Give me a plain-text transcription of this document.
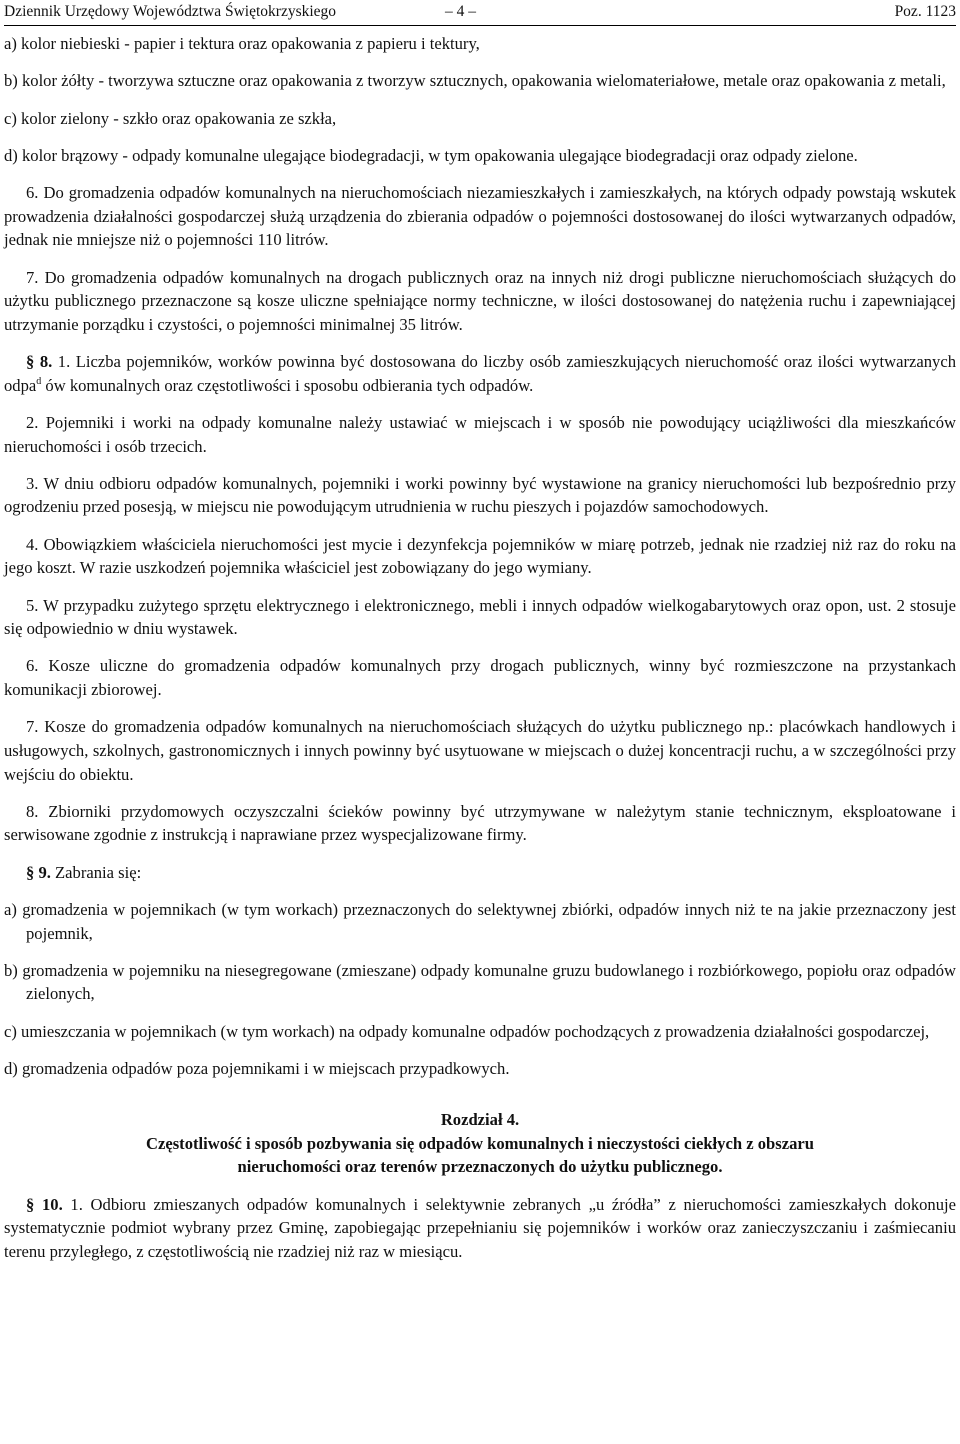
Dziennik Urzędowy Województwa Świętokrzyskiego	– 4 –	Poz. 1123

a) kolor niebieski - papier i tektura oraz opakowania z papieru i tektury,

b) kolor żółty - tworzywa sztuczne oraz opakowania z tworzyw sztucznych, opakowania wielomateriałowe, metale oraz opakowania z metali,

c) kolor zielony - szkło oraz opakowania ze szkła,

d) kolor brązowy - odpady komunalne ulegające biodegradacji, w tym opakowania ulegające biodegradacji oraz odpady zielone.

6. Do gromadzenia odpadów komunalnych na nieruchomościach niezamieszkałych i zamieszkałych, na których odpady powstają wskutek prowadzenia działalności gospodarczej służą urządzenia do zbierania odpadów o pojemności dostosowanej do ilości wytwarzanych odpadów, jednak nie mniejsze niż o pojemności 110 litrów.

7. Do gromadzenia odpadów komunalnych na drogach publicznych oraz na innych niż drogi publiczne nieruchomościach służących do użytku publicznego przeznaczone są kosze uliczne spełniające normy techniczne, w ilości dostosowanej do natężenia ruchu i zapewniającej utrzymanie porządku i czystości, o pojemności minimalnej 35 litrów.

§ 8. 1. Liczba pojemników, worków powinna być dostosowana do liczby osób zamieszkujących nieruchomość oraz ilości wytwarzanych odpa$^d$ ów komunalnych oraz częstotliwości i sposobu odbierania tych odpadów.

2. Pojemniki i worki na odpady komunalne należy ustawiać w miejscach i w sposób nie powodujący uciążliwości dla mieszkańców nieruchomości i osób trzecich.

3. W dniu odbioru odpadów komunalnych, pojemniki i worki powinny być wystawione na granicy nieruchomości lub bezpośrednio przy ogrodzeniu przed posesją, w miejscu nie powodującym utrudnienia w ruchu pieszych i pojazdów samochodowych.

4. Obowiązkiem właściciela nieruchomości jest mycie i dezynfekcja pojemników w miarę potrzeb, jednak nie rzadziej niż raz do roku na jego koszt. W razie uszkodzeń pojemnika właściciel jest zobowiązany do jego wymiany.

5. W przypadku zużytego sprzętu elektrycznego i elektronicznego, mebli i innych odpadów wielkogabarytowych oraz opon, ust. 2 stosuje się odpowiednio w dniu wystawek.

6. Kosze uliczne do gromadzenia odpadów komunalnych przy drogach publicznych, winny być rozmieszczone na przystankach komunikacji zbiorowej.

7. Kosze do gromadzenia odpadów komunalnych na nieruchomościach służących do użytku publicznego np.: placówkach handlowych i usługowych, szkolnych, gastronomicznych i innych powinny być usytuowane w miejscach o dużej koncentracji ruchu, a w szczególności przy wejściu do obiektu.

8. Zbiorniki przydomowych oczyszczalni ścieków powinny być utrzymywane w należytym stanie technicznym, eksploatowane i serwisowane zgodnie z instrukcją i naprawiane przez wyspecjalizowane firmy.

§ 9. Zabrania się:

a) gromadzenia w pojemnikach (w tym workach) przeznaczonych do selektywnej zbiórki, odpadów innych niż te na jakie przeznaczony jest pojemnik,

b) gromadzenia w pojemniku na niesegregowane (zmieszane) odpady komunalne gruzu budowlanego i rozbiórkowego, popiołu oraz odpadów zielonych,

c) umieszczania w pojemnikach (w tym workach) na odpady komunalne odpadów pochodzących z prowadzenia działalności gospodarczej,

d) gromadzenia odpadów poza pojemnikami i w miejscach przypadkowych.

Rozdział 4.

Częstotliwość i sposób pozbywania się odpadów komunalnych i nieczystości ciekłych z obszaru

nieruchomości oraz terenów przeznaczonych do użytku publicznego.

§ 10. 1. Odbioru zmieszanych odpadów komunalnych i selektywnie zebranych „u źródła” z nieruchomości zamieszkałych dokonuje systematycznie podmiot wybrany przez Gminę, zapobiegając przepełnianiu się pojemników i worków oraz zanieczyszczaniu i zaśmiecaniu terenu przyległego, z częstotliwością nie rzadziej niż raz w miesiącu.
